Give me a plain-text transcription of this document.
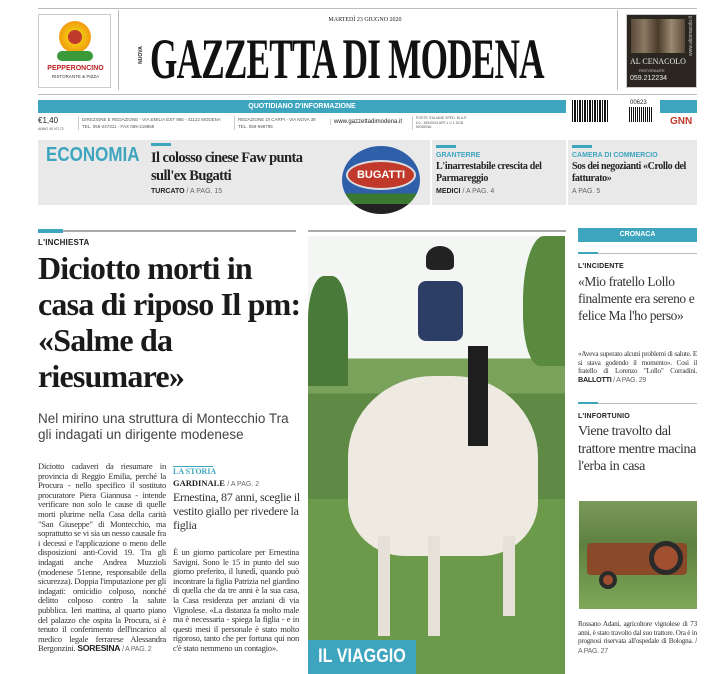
PEPPERONCINO
RISTORANTE & PIZZA
MARTEDÌ 23 GIUGNO 2020
NUOVA GAZZETTA DI MODENA	AL CENACOLO
RISTORANTE
059.212234
www.alcenacolo.it
QUOTIDIANO D'INFORMAZIONE	00623
GNN
€1,40
ANNO 40 N°172
DIREZIONE E REDAZIONE - VIA EMILIA EST 985 - 41122 MODENA
TEL. 059-247311 - FAX 059-218869
REDAZIONE DI CARPI - VIA NOVA 38
TEL. 059-698795
www.gazzettadimodena.it
POSTE ITALIANE SPED. IN A.P. D.L. 353/2003 ART.1 C.1 DCB MODENA
ECONOMIA Il colosso cinese Faw punta sull'ex Bugatti
TURCATO / A PAG. 15
BUGATTI
GRANTERRE
L'inarrestabile crescita del Parmareggio
MEDICI / A PAG. 4
CAMERA DI COMMERCIO
Sos dei negozianti «Crollo del fatturato»
A PAG. 5
L'INCHIESTA
Diciotto morti in casa di riposo Il pm: «Salme da riesumare»
Nel mirino una struttura di Montecchio Tra gli indagati un dirigente modenese
Diciotto cadaveri da riesumare in provincia di Reggio Emilia, perché la Procura - nello specifico il sostituto procuratore Piera Giannusa - intende verificare non solo le cause di quelle morti plurime nella Casa della carità "San Giuseppe" di Montecchio, ma soprattutto se vi sia un nesso causale fra i decessi e l'applicazione o meno delle disposizioni anti-Covid 19. Tra gli indagati anche Andrea Muzzioli (modenese 51enne, responsabile della sicurezza). Doppia l'imputazione per gli indagati: omicidio colposo, nonché delitto colposo contro la salute pubblica. Ieri mattina, al quarto piano del palazzo che ospita la Procura, si è tenuto il conferimento dell'incarico al medico legale ferrarese Alessandra Bergonzini. SORESINA / A PAG. 2
LA STORIA
GARDINALE / A PAG. 2
Ernestina, 87 anni, sceglie il vestito giallo per rivedere la figlia
È un giorno particolare per Ernestina Savigni. Sono le 15 in punto del suo giorno preferito, il lunedì, quando può incontrare la figlia Patrizia nel giardino di quella che da tre anni è la sua casa, la Casa residenza per anziani di via Vignolese. «La distanza fa molto male ma è necessaria - spiega la figlia - e in questi mesi il personale è stato molto rigoroso, tanto che per fortuna qui non c'è stato nemmeno un contagio».	IL VIAGGIO
CRONACA
L'INCIDENTE
«Mio fratello Lollo finalmente era sereno e felice Ma l'ho perso»
«Aveva superato alcuni problemi di salute. E si stava godendo il momento». Così il fratello di Lorenzo "Lollo" Corradini. BALLOTTI / A PAG. 29
L'INFORTUNIO
Viene travolto dal trattore mentre macina l'erba in casa
Rossano Adani, agricoltore vignolese di 73 anni, è stato travolto dal suo trattore. Ora è in prognosi riservata all'ospedale di Bologna. / A PAG. 27
